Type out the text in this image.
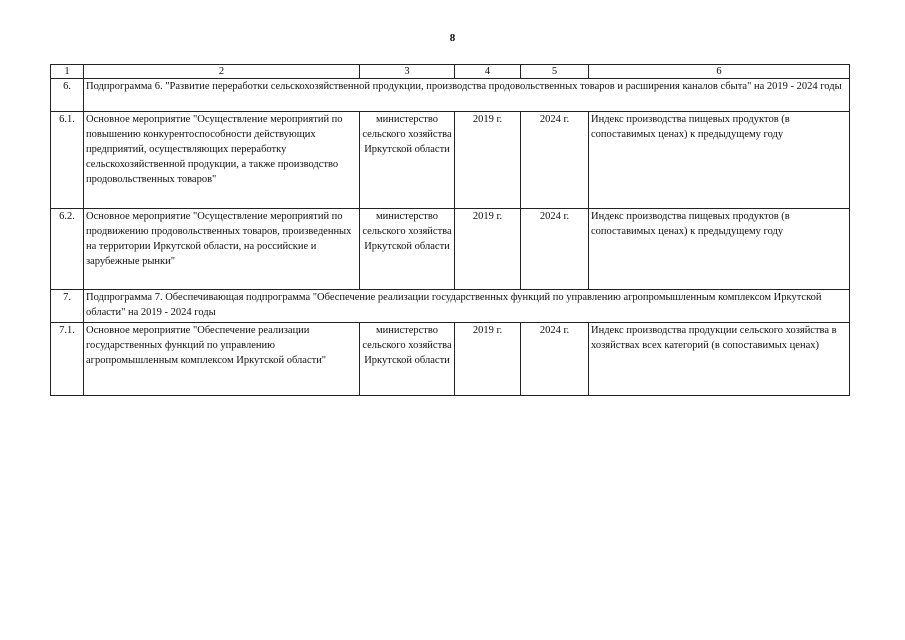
8
1	2	3	4	5	6
6.	Подпрограмма 6. "Развитие переработки сельскохозяйственной продукции, производства продовольственных товаров и расширения каналов сбыта" на 2019 - 2024 годы				
6.1.	Основное мероприятие "Осуществление мероприятий по повышению конкурентоспособности действующих предприятий, осуществляющих переработку сельскохозяйственной продукции, а также производство продовольственных товаров"	министерство сельского хозяйства Иркутской области	2019 г.	2024 г.	Индекс производства пищевых продуктов (в сопоставимых ценах) к предыдущему году
6.2.	Основное мероприятие "Осуществление мероприятий по продвижению продовольственных товаров, произведенных на территории Иркутской области, на российские и зарубежные рынки"	министерство сельского хозяйства Иркутской области	2019 г.	2024 г.	Индекс производства пищевых продуктов (в сопоставимых ценах) к предыдущему году
7.	Подпрограмма 7. Обеспечивающая подпрограмма "Обеспечение реализации государственных функций по управлению агропромышленным комплексом Иркутской области" на 2019 - 2024 годы				
7.1.	Основное мероприятие "Обеспечение реализации государственных функций по управлению агропромышленным комплексом Иркутской области"	министерство сельского хозяйства Иркутской области	2019 г.	2024 г.	Индекс производства продукции сельского хозяйства в хозяйствах всех категорий (в сопоставимых ценах)
